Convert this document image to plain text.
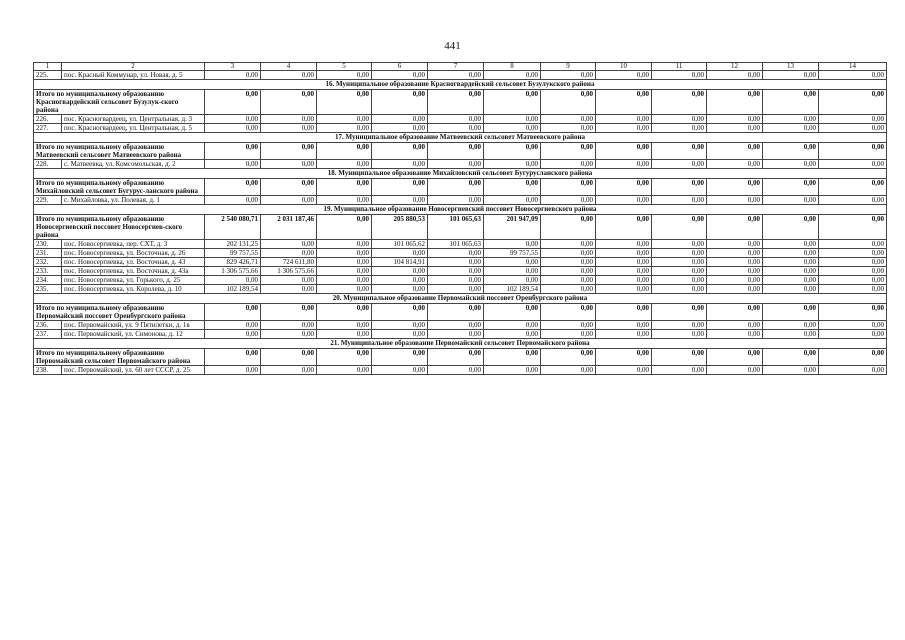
441
1	2	3	4	5	6	7	8	9	10	11	12	13	14
225.	пос. Красный Коммунар, ул. Новая, д. 5	0,00	0,00	0,00	0,00	0,00	0,00	0,00	0,00	0,00	0,00	0,00	0,00
16. Муниципальное образование Красногвардейский сельсовет Бузулукского района													
Итого по муниципальному образованию Красногвардейский сельсовет Бузулук-ского района		0,00	0,00	0,00	0,00	0,00	0,00	0,00	0,00	0,00	0,00	0,00	0,00
226.	пос. Красногвардеец, ул. Центральная, д. 3	0,00	0,00	0,00	0,00	0,00	0,00	0,00	0,00	0,00	0,00	0,00	0,00
227.	пос. Красногвардеец, ул. Центральная, д. 5	0,00	0,00	0,00	0,00	0,00	0,00	0,00	0,00	0,00	0,00	0,00	0,00
17. Муниципальное образование Матвеевский сельсовет Матвеевского района													
Итого по муниципальному образованию Матвеевский сельсовет Матвеевского района		0,00	0,00	0,00	0,00	0,00	0,00	0,00	0,00	0,00	0,00	0,00	0,00
228.	с. Матвеевка, ул. Комсомольская, д. 2	0,00	0,00	0,00	0,00	0,00	0,00	0,00	0,00	0,00	0,00	0,00	0,00
18. Муниципальное образование Михайловский сельсовет Бугурусланского района													
Итого по муниципальному образованию Михайловский сельсовет Бугурус-ланского района		0,00	0,00	0,00	0,00	0,00	0,00	0,00	0,00	0,00	0,00	0,00	0,00
229.	с. Михайловка, ул. Полевая, д. 1	0,00	0,00	0,00	0,00	0,00	0,00	0,00	0,00	0,00	0,00	0,00	0,00
19. Муниципальное образование Новосергиевский поссовет Новосергиевского района													
Итого по муниципальному образованию Новосергиевский поссовет Новосергиев-ского района		2 540 080,71	2 031 187,46	0,00	205 880,53	101 065,63	201 947,09	0,00	0,00	0,00	0,00	0,00	0,00
230.	пос. Новосергиевка, пер. СХТ, д. 3	202 131,25	0,00	0,00	101 065,62	101 065,63	0,00	0,00	0,00	0,00	0,00	0,00	0,00
231.	пос. Новосергиевка, ул. Восточная, д. 26	99 757,55	0,00	0,00	0,00	0,00	99 757,55	0,00	0,00	0,00	0,00	0,00	0,00
232.	пос. Новосергиевка, ул. Восточная, д. 43	829 426,71	724 611,80	0,00	104 814,91	0,00	0,00	0,00	0,00	0,00	0,00	0,00	0,00
233.	пос. Новосергиевка, ул. Восточная, д. 43а	1 306 575,66	1 306 575,66	0,00	0,00	0,00	0,00	0,00	0,00	0,00	0,00	0,00	0,00
234.	пос. Новосергиевка, ул. Горького, д. 25	0,00	0,00	0,00	0,00	0,00	0,00	0,00	0,00	0,00	0,00	0,00	0,00
235.	пос. Новосергиевка, ул. Королева, д. 10	102 189,54	0,00	0,00	0,00	0,00	102 189,54	0,00	0,00	0,00	0,00	0,00	0,00
20. Муниципальное образование Первомайский поссовет Оренбургского района													
Итого по муниципальному образованию Первомайский поссовет Оренбургского района		0,00	0,00	0,00	0,00	0,00	0,00	0,00	0,00	0,00	0,00	0,00	0,00
236.	пос. Первомайский, ул. 9 Пятилетки, д. 1в	0,00	0,00	0,00	0,00	0,00	0,00	0,00	0,00	0,00	0,00	0,00	0,00
237.	пос. Первомайский, ул. Симонова, д. 12	0,00	0,00	0,00	0,00	0,00	0,00	0,00	0,00	0,00	0,00	0,00	0,00
21. Муниципальное образование Первомайский сельсовет Первомайского района													
Итого по муниципальному образованию Первомайский сельсовет Первомайского района		0,00	0,00	0,00	0,00	0,00	0,00	0,00	0,00	0,00	0,00	0,00	0,00
238.	пос. Первомайский, ул. 60 лет СССР, д. 25	0,00	0,00	0,00	0,00	0,00	0,00	0,00	0,00	0,00	0,00	0,00	0,00
